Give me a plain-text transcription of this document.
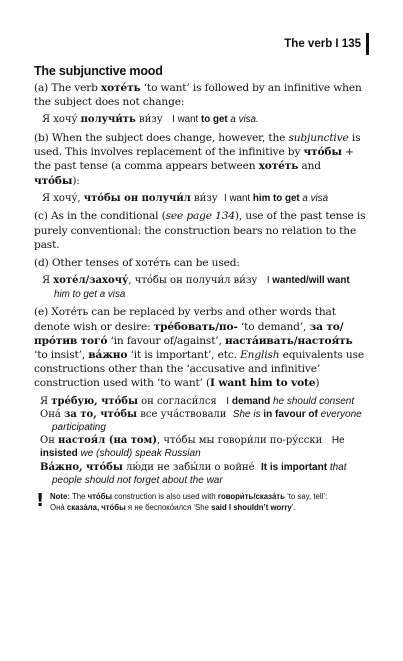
The verb I 135
The subjunctive mood

(a) The verb хоте́ть ‘to want’ is followed by an infinitive when the subject does not change:

Я хочу́ получи́ть ви́зу I want to get a visa.

(b) When the subject does change, however, the subjunctive is used. This involves replacement of the infinitive by что́бы + the past tense (a comma appears between хоте́ть and что́бы):

Я хочу́, что́бы он получи́л ви́зу I want him to get a visa

(c) As in the conditional (see page 134), use of the past tense is purely conventional: the construction bears no relation to the past.

(d) Other tenses of хоте́ть can be used:

Я хоте́л/захочу́, что́бы он получи́л ви́зу I wanted/will want
him to get a visa

(e) Хоте́ть can be replaced by verbs and other words that denote wish or desire: тре́бовать/по- ‘to demand’, за то/про́тив того́ ‘in favour of/against’, наста́ивать/настоя́ть ‘to insist’, ва́жно ‘it is important’, etc. English equivalents use constructions other than the ‘accusative and infinitive’ construction used with ‘to want’ (I want him to vote)

Я тре́бую, что́бы он согласи́лся I demand he should consent
Она́ за то, что́бы все уча́ствовали She is in favour of everyone
participating
Он настоя́л (на том), что́бы мы говори́ли по-ру́сски He insisted we (should) speak Russian
Ва́жно, что́бы лю́ди не забы́ли о войне́ It is important that
people should not forget about the war
! Note: The что́бы construction is also used with говори́ть/сказа́ть ‘to say, tell’:
Она́ сказа́ла, что́бы я не беспоко́ился ‘She said I shouldn’t worry’.
